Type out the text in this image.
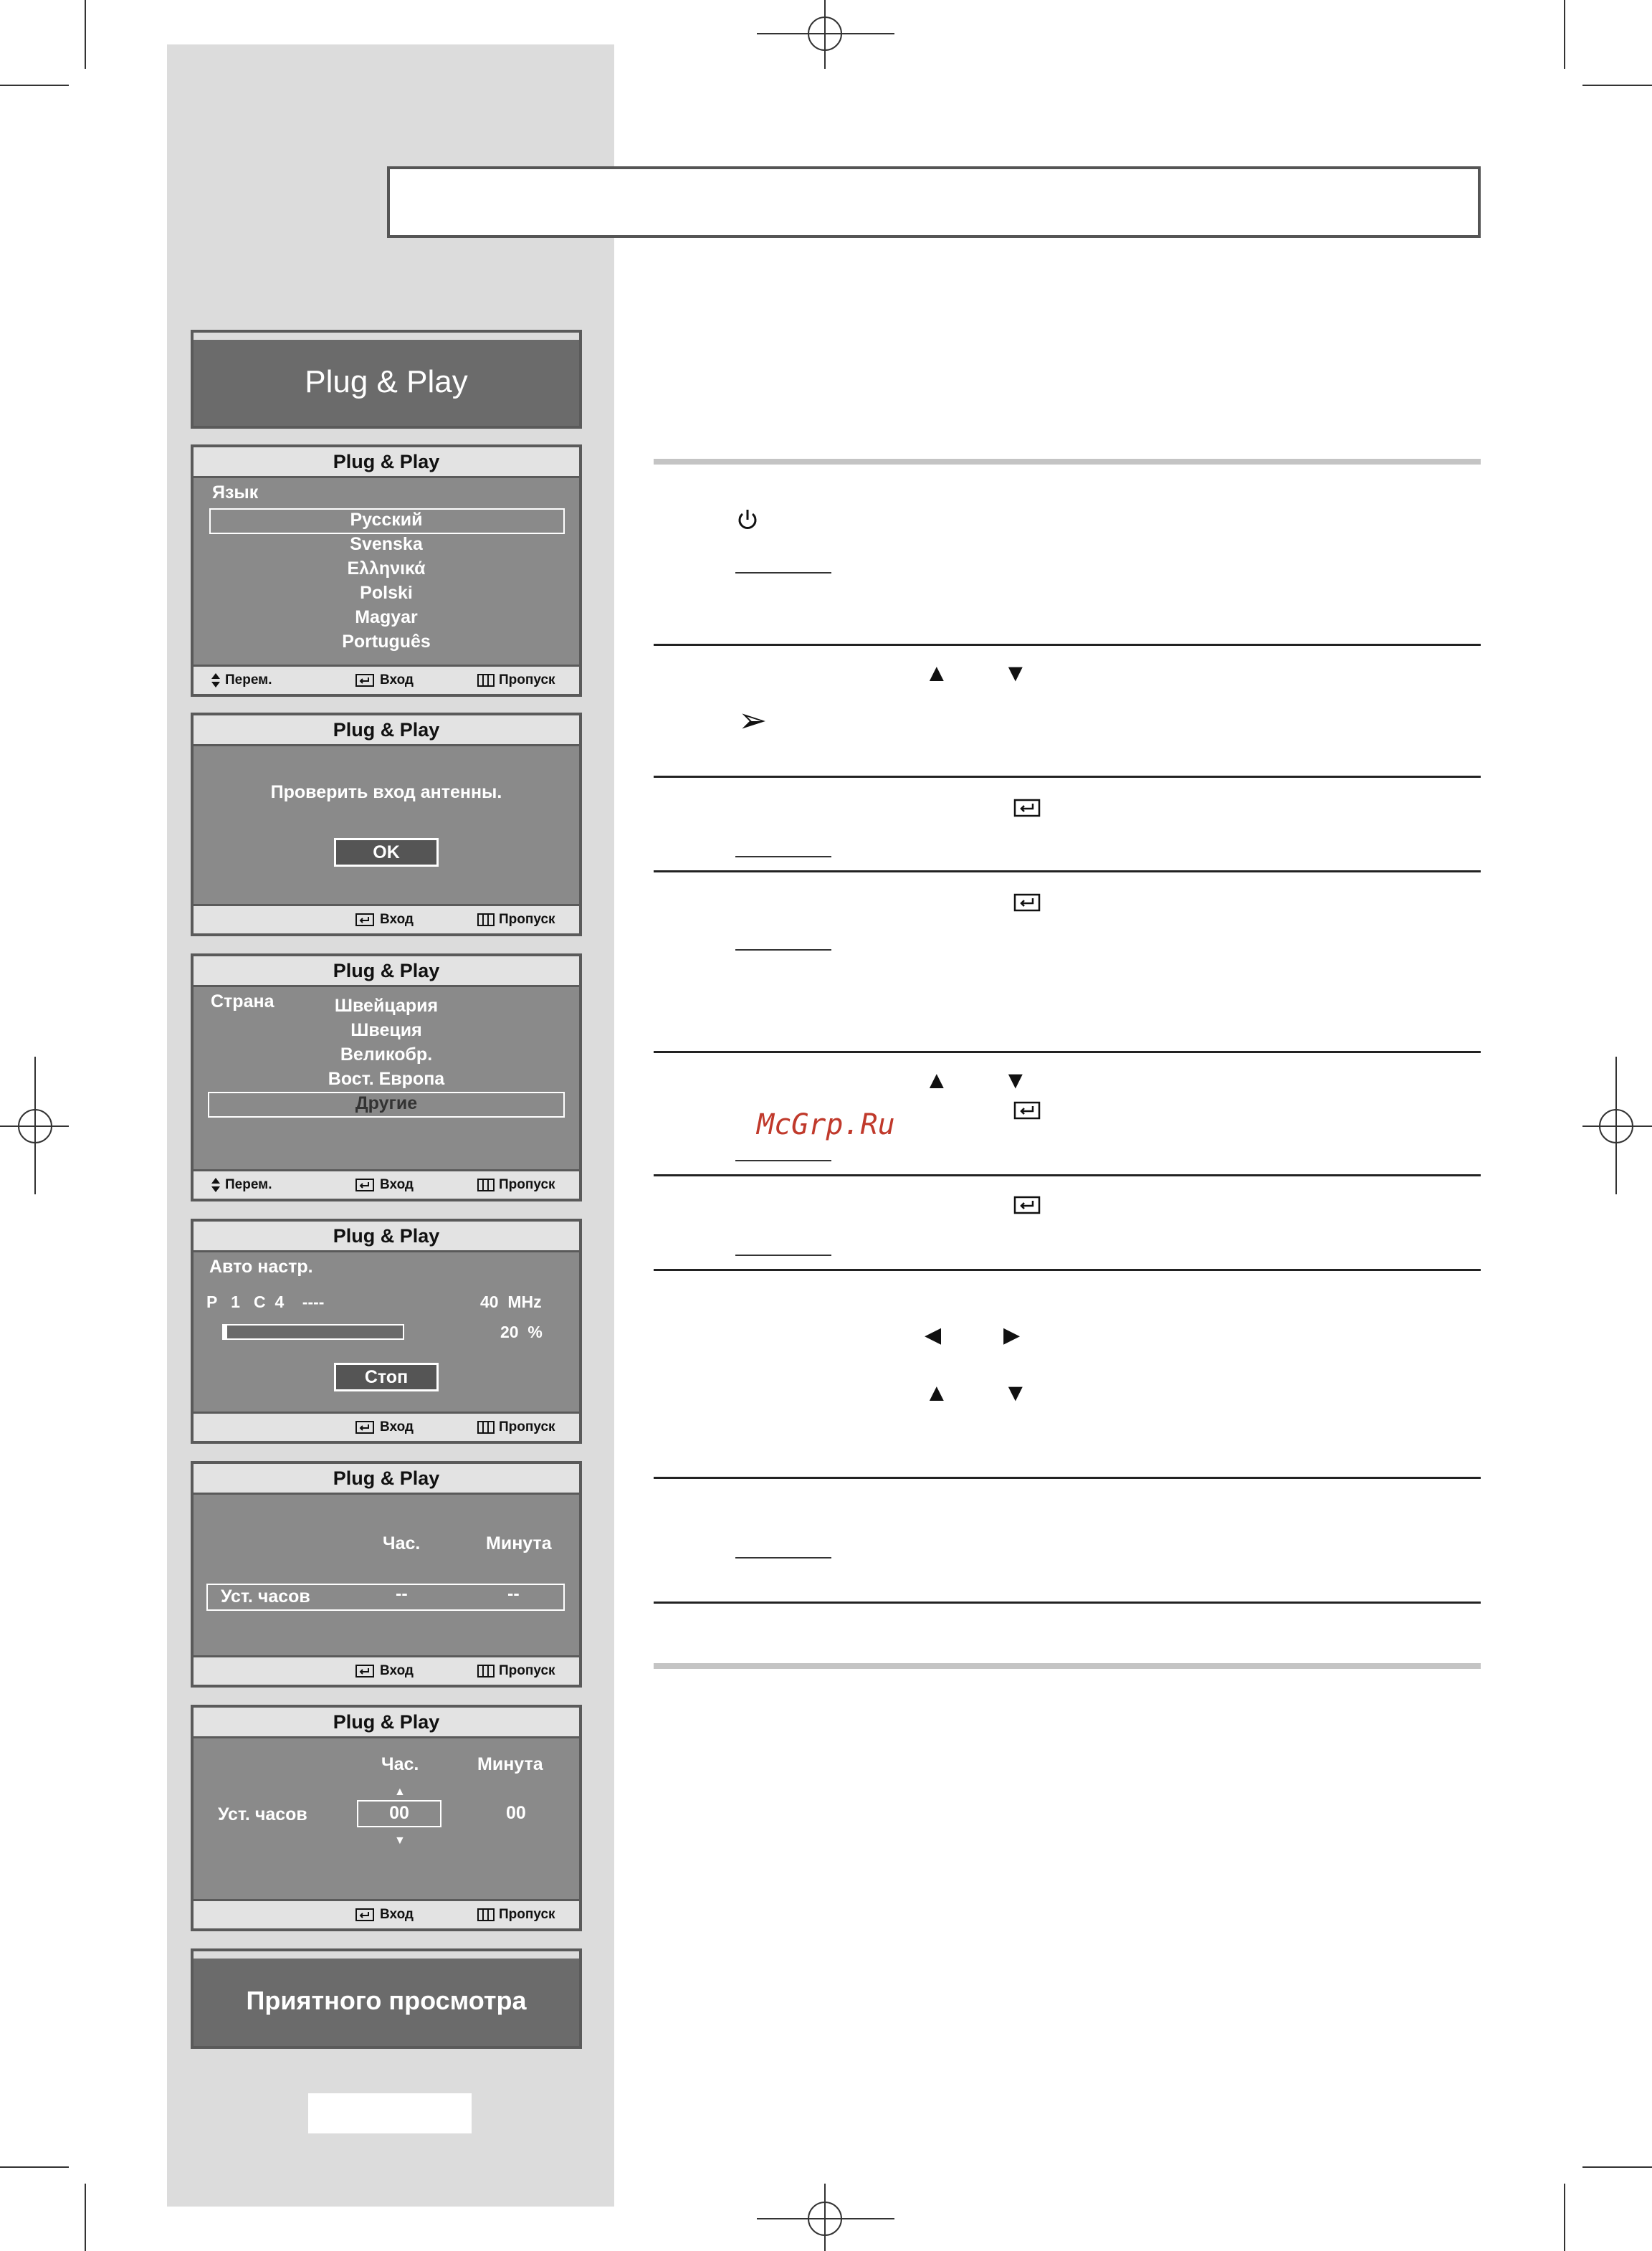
Plug & Play
Plug & Play
Язык
Русский
Svenska
Ελληνικά
Polski
Magyar
Português
Перем.	Вход	Пропуск
Plug & Play
Проверить вход антенны.
OK
Вход	Пропуск
Plug & Play
Страна	Швейцария
Швеция
Великобр.
Вост. Европа
Другие
Перем.	Вход	Пропуск
Plug & Play
Авто настр.
P   1   C  4    ----	40  MHz
20  %
Стоп
Вход	Пропуск
Plug & Play
Час.	Минута
Уст. часов	--	--
Вход	Пропуск
Plug & Play
Час.	Минута
▲
Уст. часов	00	00
▼
Вход	Пропуск
Приятного просмотра
▲ ▼
➢
▲ ▼
McGrp.Ru
◀	▶
▲ ▼
